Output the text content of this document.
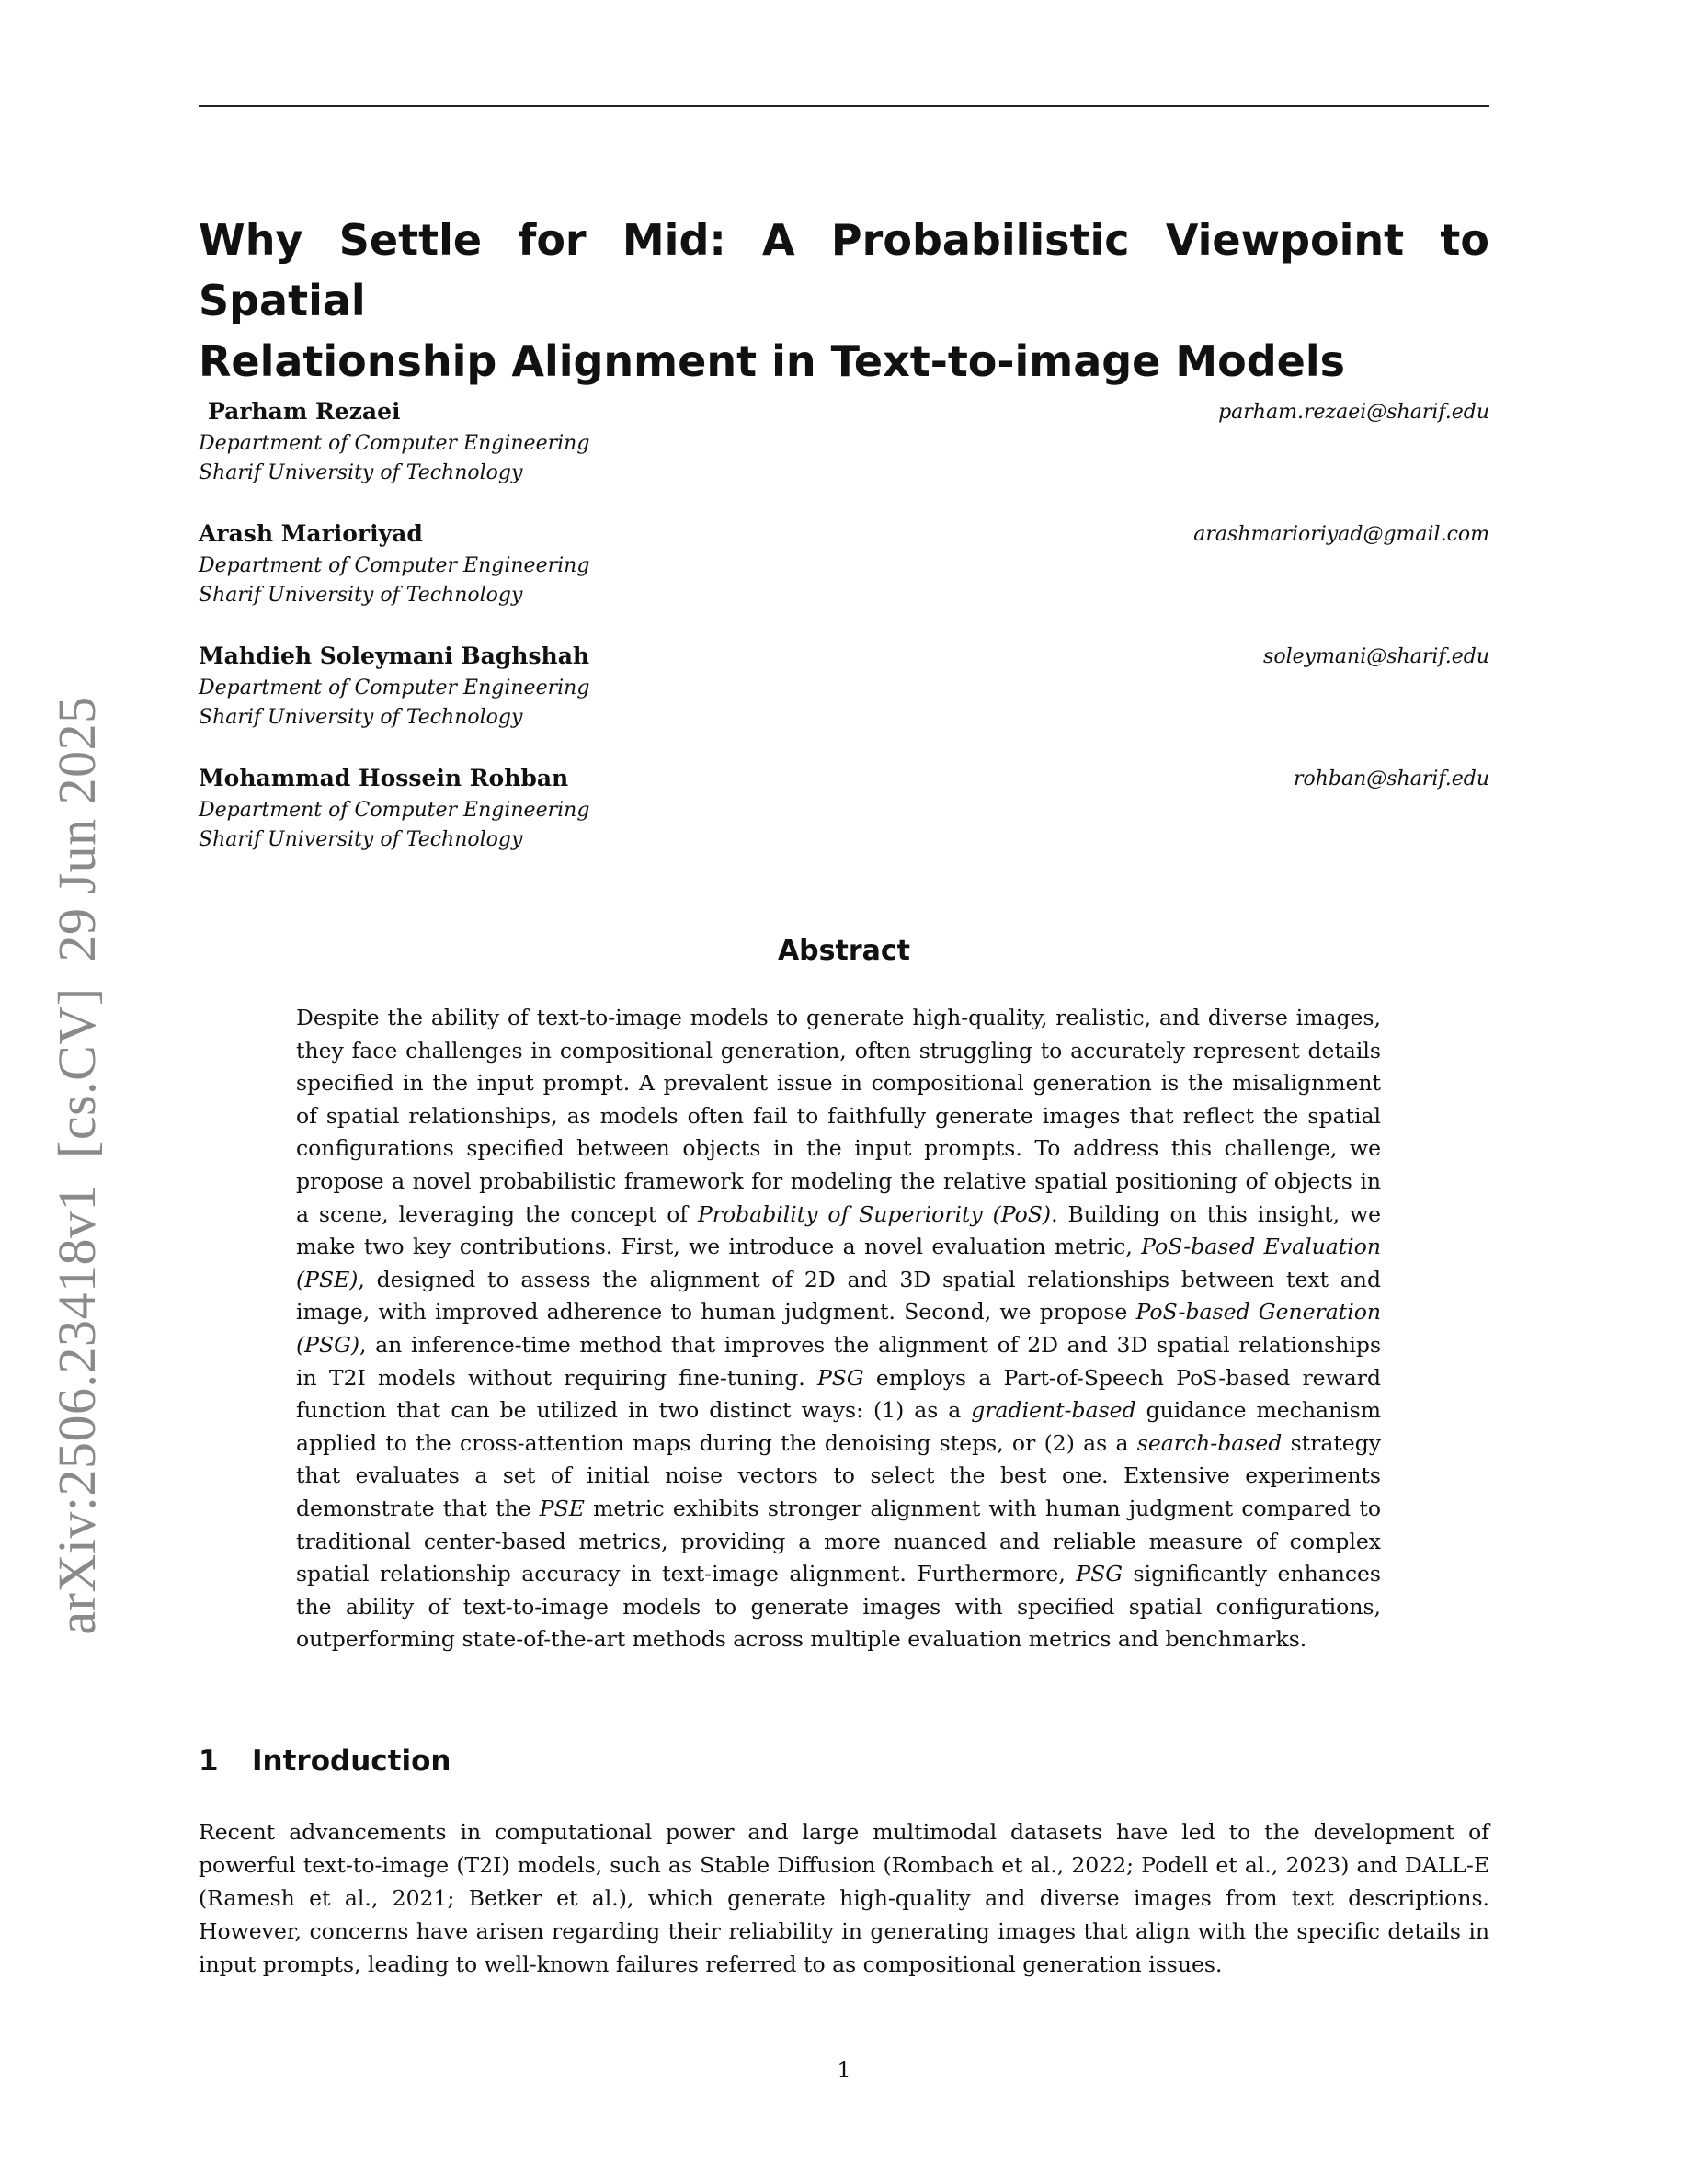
arXiv:2506.23418v1[cs.CV]29 Jun 2025
Why Settle for Mid: A Probabilistic Viewpoint to Spatial
Relationship Alignment in Text-to-image Models
Parham Rezaei	parham.rezaei@sharif.edu
Department of Computer Engineering
Sharif University of Technology
Arash Marioriyad	arashmarioriyad@gmail.com
Department of Computer Engineering
Sharif University of Technology
Mahdieh Soleymani Baghshah	soleymani@sharif.edu
Department of Computer Engineering
Sharif University of Technology
Mohammad Hossein Rohban	rohban@sharif.edu
Department of Computer Engineering
Sharif University of Technology
Abstract

Despite the ability of text-to-image models to generate high-quality, realistic, and diverse images, they face challenges in compositional generation, often struggling to accurately represent details specified in the input prompt. A prevalent issue in compositional generation is the misalignment of spatial relationships, as models often fail to faithfully generate images that reflect the spatial configurations specified between objects in the input prompts. To address this challenge, we propose a novel probabilistic framework for modeling the relative spatial positioning of objects in a scene, leveraging the concept of Probability of Superiority (PoS). Building on this insight, we make two key contributions. First, we introduce a novel evaluation metric, PoS-based Evaluation (PSE), designed to assess the alignment of 2D and 3D spatial relationships between text and image, with improved adherence to human judgment. Second, we propose PoS-based Generation (PSG), an inference-time method that improves the alignment of 2D and 3D spatial relationships in T2I models without requiring fine-tuning. PSG employs a Part-of-Speech PoS-based reward function that can be utilized in two distinct ways: (1) as a gradient-based guidance mechanism applied to the cross-attention maps during the denoising steps, or (2) as a search-based strategy that evaluates a set of initial noise vectors to select the best one. Extensive experiments demonstrate that the PSE metric exhibits stronger alignment with human judgment compared to traditional center-based metrics, providing a more nuanced and reliable measure of complex spatial relationship accuracy in text-image alignment. Furthermore, PSG significantly enhances the ability of text-to-image models to generate images with specified spatial configurations, outperforming state-of-the-art methods across multiple evaluation metrics and benchmarks.

1 Introduction

Recent advancements in computational power and large multimodal datasets have led to the development of powerful text-to-image (T2I) models, such as Stable Diffusion (Rombach et al., 2022; Podell et al., 2023) and DALL-E (Ramesh et al., 2021; Betker et al.), which generate high-quality and diverse images from text descriptions. However, concerns have arisen regarding their reliability in generating images that align with the specific details in input prompts, leading to well-known failures referred to as compositional generation issues.

1
